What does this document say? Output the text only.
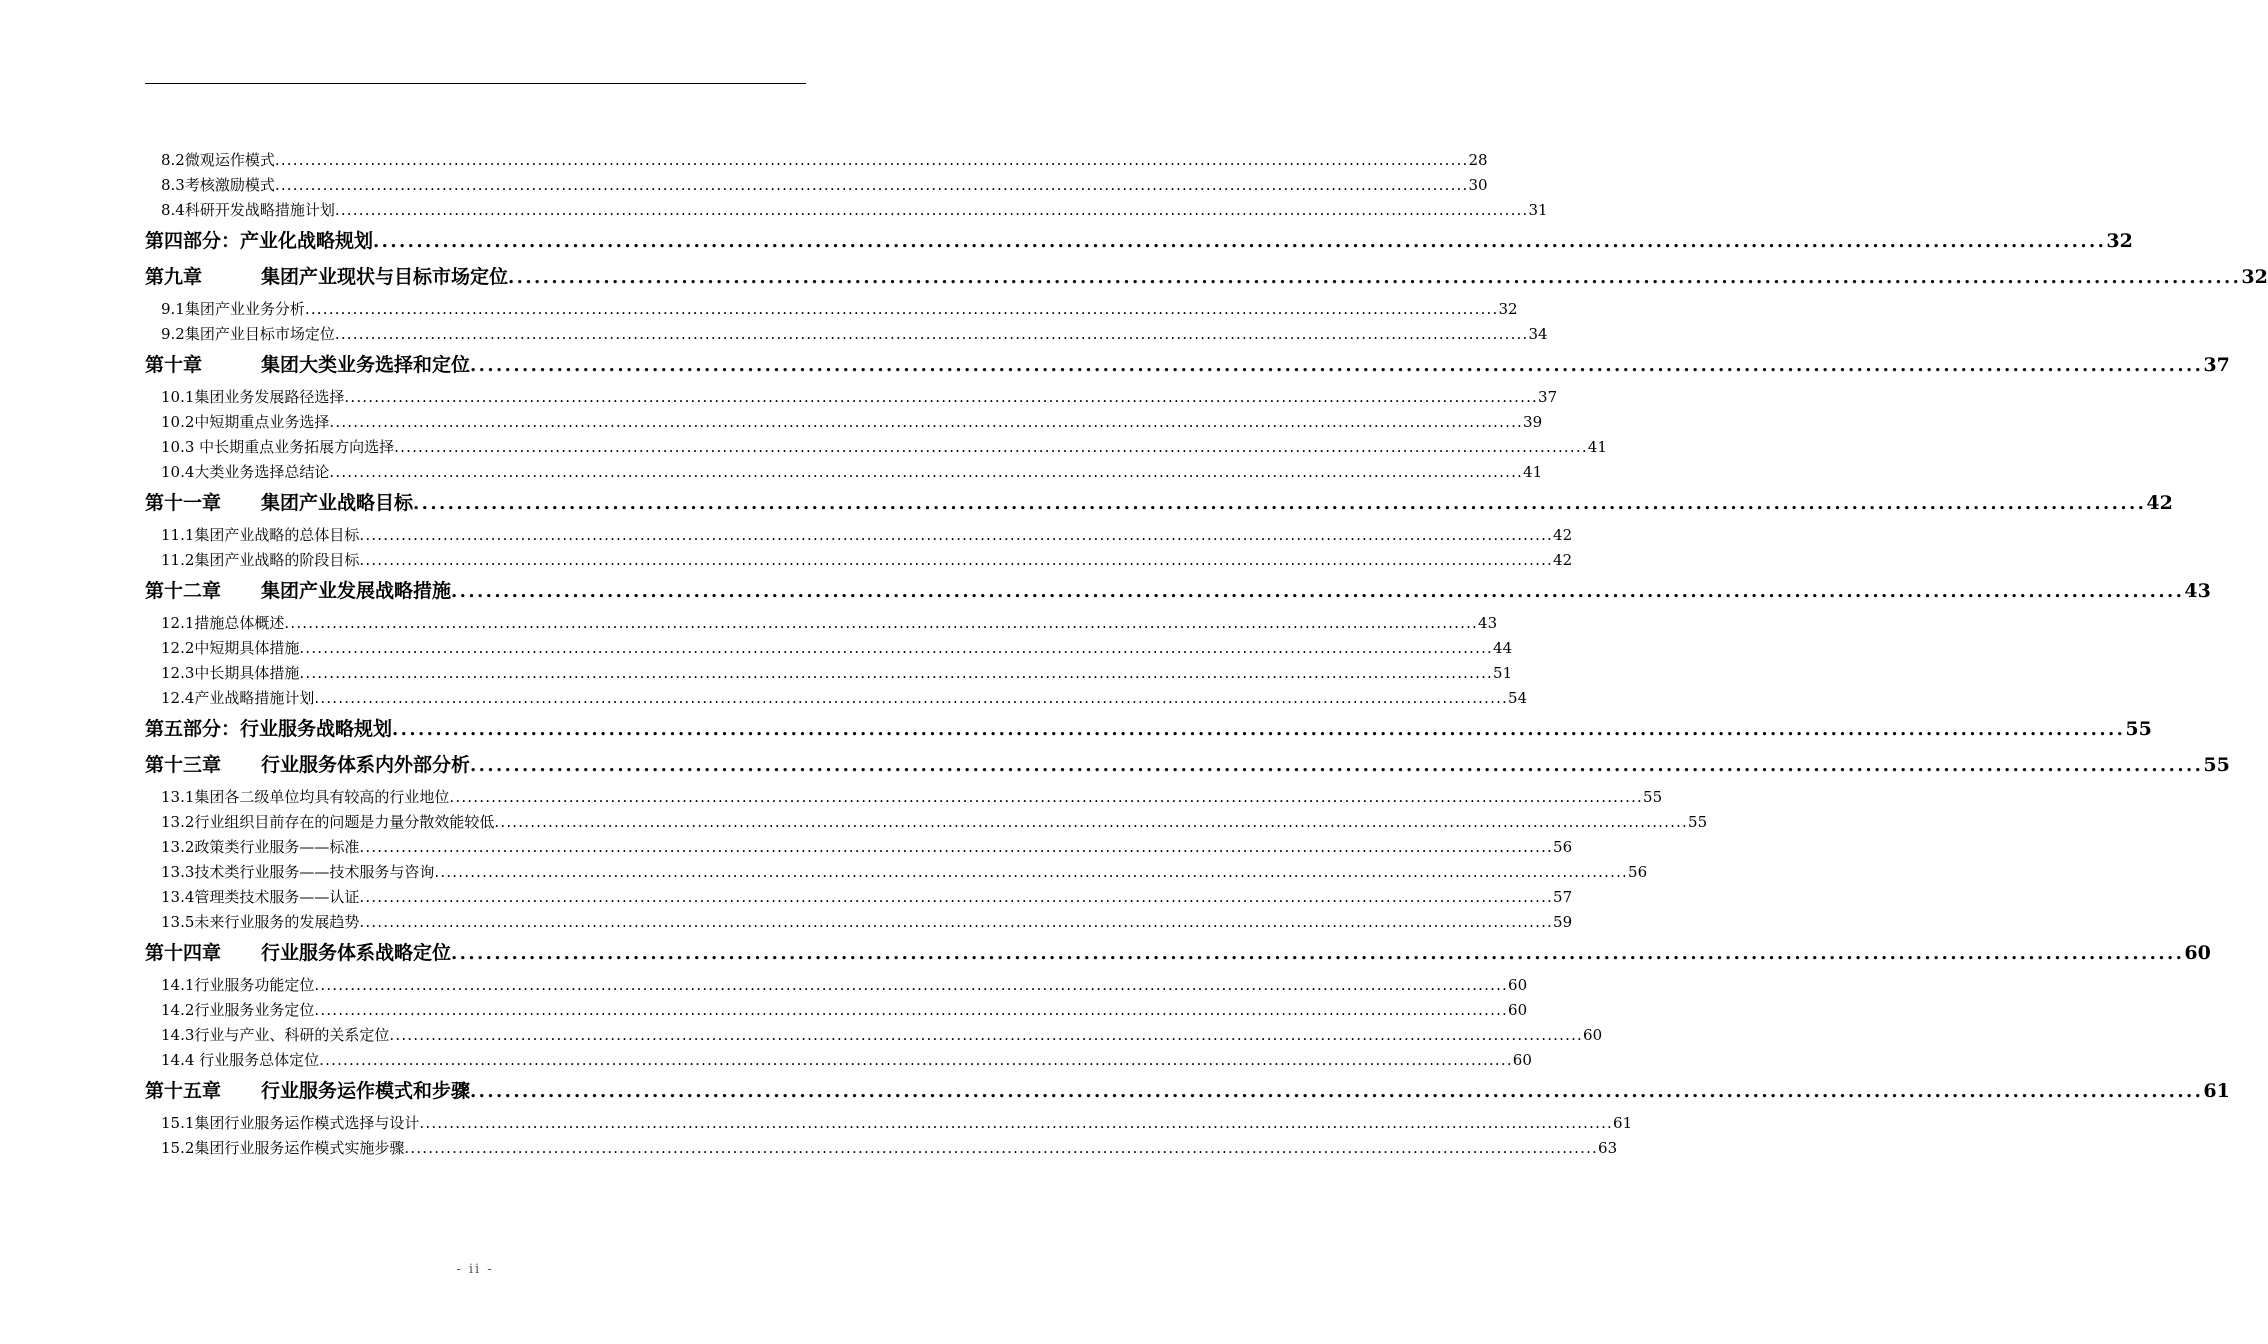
8.2微观运作模式 ........................................................................................................................................................................................................ 28
8.3考核激励模式 ........................................................................................................................................................................................................ 30
8.4科研开发战略措施计划 ........................................................................................................................................................................................................ 31
第四部分：产业化战略规划 ........................................................................................................................................................................................................ 32
第九章	集团产业现状与目标市场定位 ........................................................................................................................................................................................................ 32
9.1集团产业业务分析 ........................................................................................................................................................................................................ 32
9.2集团产业目标市场定位 ........................................................................................................................................................................................................ 34
第十章	集团大类业务选择和定位 ........................................................................................................................................................................................................ 37
10.1集团业务发展路径选择 ........................................................................................................................................................................................................ 37
10.2中短期重点业务选择 ........................................................................................................................................................................................................ 39
10.3 中长期重点业务拓展方向选择 ........................................................................................................................................................................................................ 41
10.4大类业务选择总结论 ........................................................................................................................................................................................................ 41
第十一章 集团产业战略目标 ........................................................................................................................................................................................................ 42
11.1集团产业战略的总体目标 ........................................................................................................................................................................................................ 42
11.2集团产业战略的阶段目标 ........................................................................................................................................................................................................ 42
第十二章 集团产业发展战略措施 ........................................................................................................................................................................................................ 43
12.1措施总体概述 ........................................................................................................................................................................................................ 43
12.2中短期具体措施 ........................................................................................................................................................................................................ 44
12.3中长期具体措施 ........................................................................................................................................................................................................ 51
12.4产业战略措施计划 ........................................................................................................................................................................................................ 54
第五部分：行业服务战略规划 ........................................................................................................................................................................................................ 55
第十三章 行业服务体系内外部分析 ........................................................................................................................................................................................................ 55
13.1集团各二级单位均具有较高的行业地位 ........................................................................................................................................................................................................ 55
13.2行业组织目前存在的问题是力量分散效能较低 ........................................................................................................................................................................................................ 55
13.2政策类行业服务——标准 ........................................................................................................................................................................................................ 56
13.3技术类行业服务——技术服务与咨询 ........................................................................................................................................................................................................ 56
13.4管理类技术服务——认证 ........................................................................................................................................................................................................ 57
13.5未来行业服务的发展趋势 ........................................................................................................................................................................................................ 59
第十四章 行业服务体系战略定位 ........................................................................................................................................................................................................ 60
14.1行业服务功能定位 ........................................................................................................................................................................................................ 60
14.2行业服务业务定位 ........................................................................................................................................................................................................ 60
14.3行业与产业、科研的关系定位 ........................................................................................................................................................................................................ 60
14.4 行业服务总体定位 ........................................................................................................................................................................................................ 60
第十五章 行业服务运作模式和步骤 ........................................................................................................................................................................................................ 61
15.1集团行业服务运作模式选择与设计 ........................................................................................................................................................................................................ 61
15.2集团行业服务运作模式实施步骤 ........................................................................................................................................................................................................ 63
- ii -
